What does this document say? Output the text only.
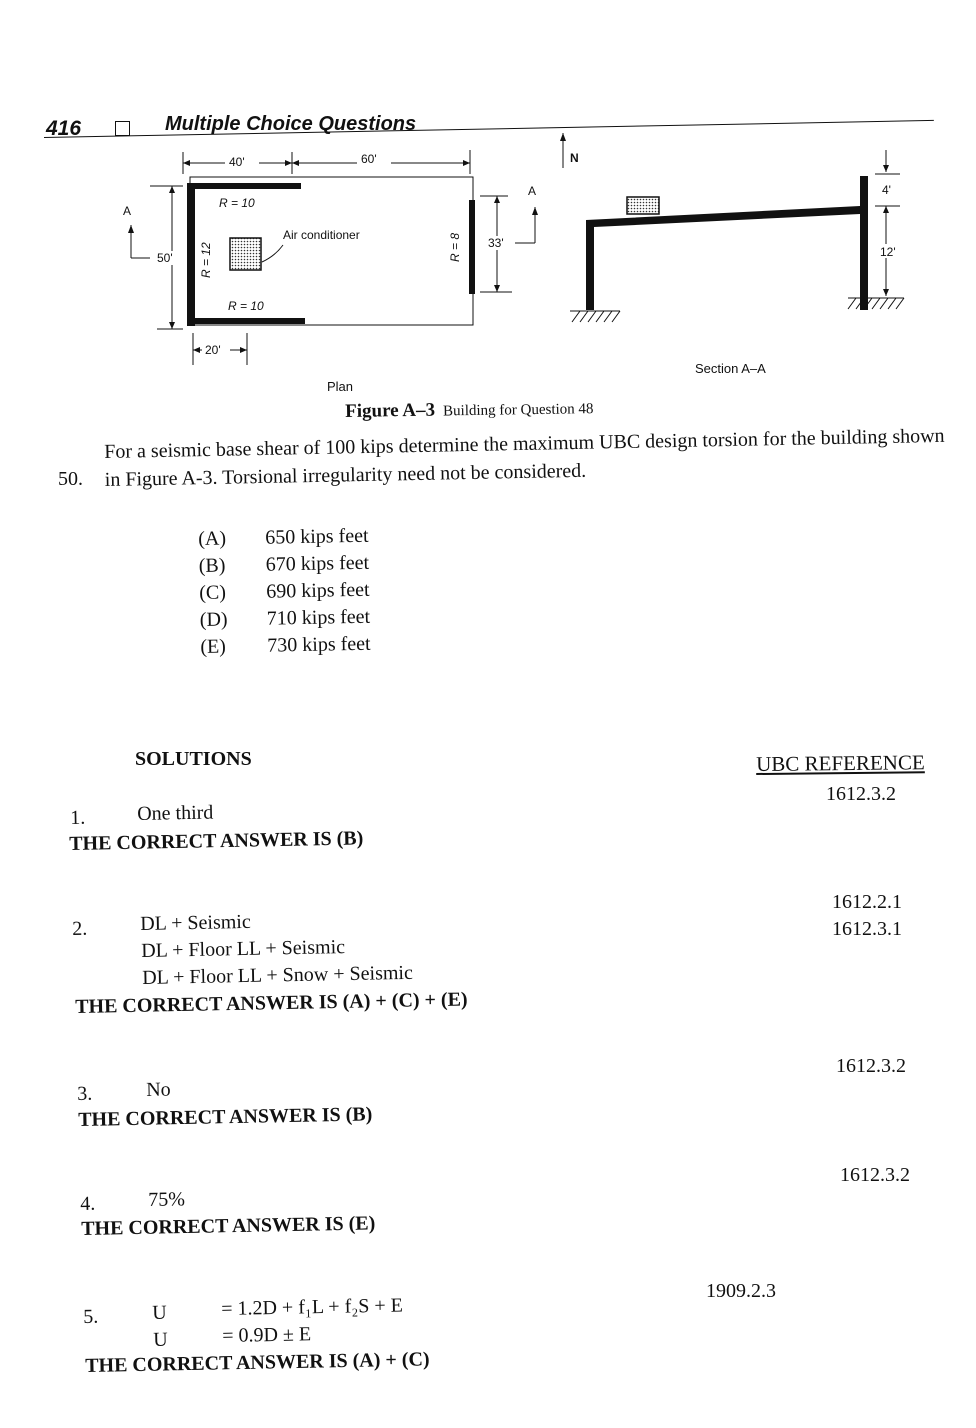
416	Multiple Choice Questions
40'	60'
50'
20'
33'
R = 10
R = 10
R = 12	R = 8
Air conditioner
A
A
N
Plan
4'
12'
Section A–A
Figure A–3 Building for Question 48
50.
For a seismic base shear of 100 kips determine the maximum UBC design torsion for the building shown in Figure A-3. Torsional irregularity need not be considered.
(A)	650 kips feet
(B)	670 kips feet
(C)	690 kips feet
(D)	710 kips feet
(E)	730 kips feet
SOLUTIONS	UBC REFERENCE
1612.3.2
1.	One third
THE CORRECT ANSWER IS (B)
1612.2.1
1612.3.1
2.	DL + Seismic
DL + Floor LL + Seismic
DL + Floor LL + Snow + Seismic
THE CORRECT ANSWER IS (A) + (C) + (E)
1612.3.2
3.	No
THE CORRECT ANSWER IS (B)
1612.3.2
4.	75%
THE CORRECT ANSWER IS (E)
1909.2.3
5.	U	= 1.2D + f₁L + f₂S + E
U	= 0.9D ± E
THE CORRECT ANSWER IS (A) + (C)
